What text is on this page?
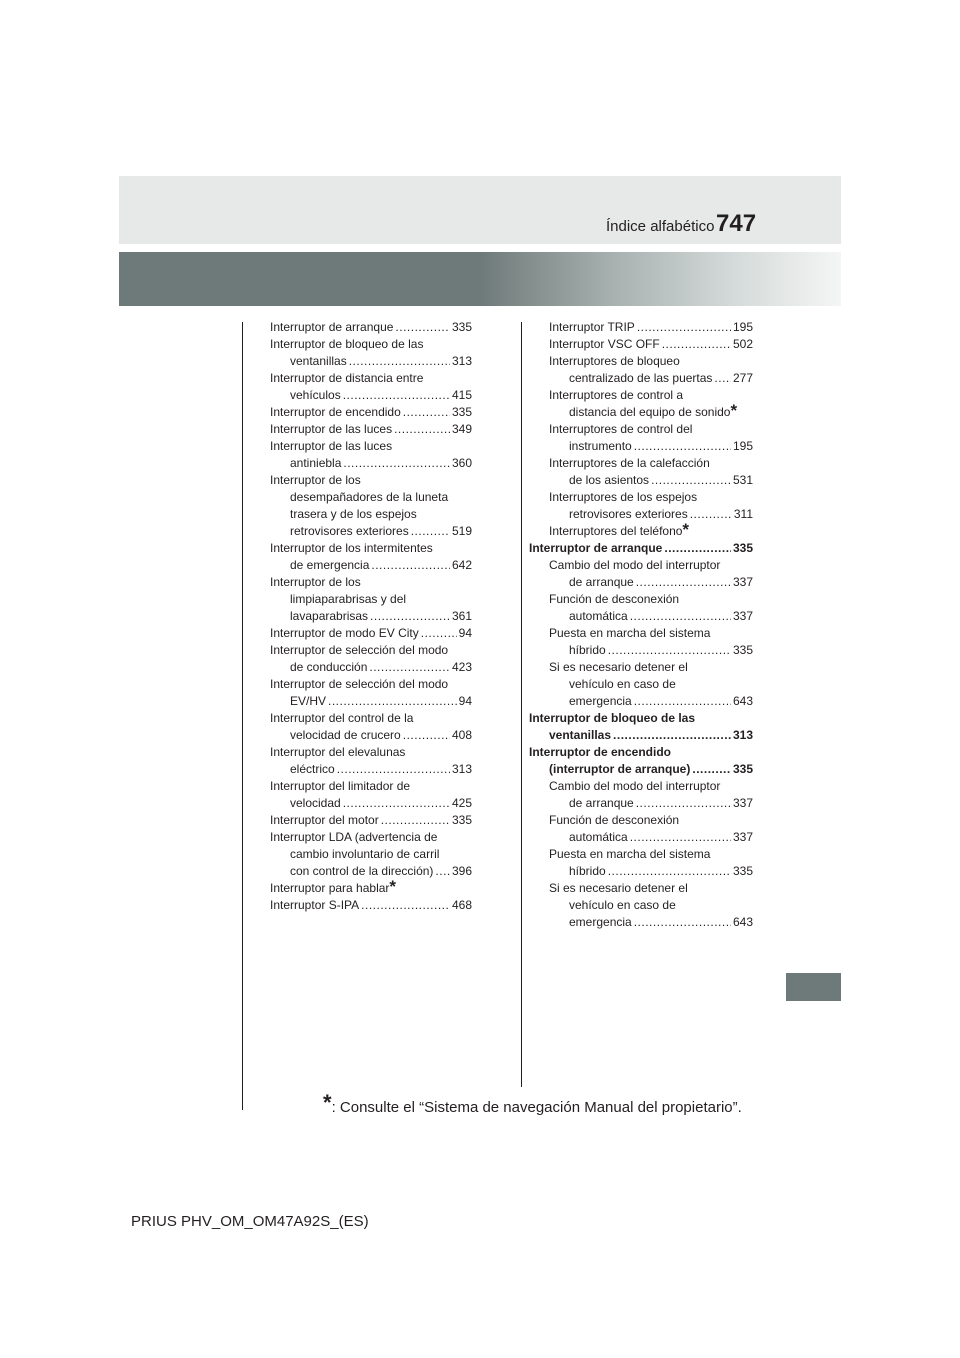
Índice alfabético 747
Interruptor de arranque .....	335
Interruptor de bloqueo de las
ventanillas .....	313
Interruptor de distancia entre
vehículos .....	415
Interruptor de encendido .....	335
Interruptor de las luces .....	349
Interruptor de las luces
antiniebla .....	360
Interruptor de los
desempañadores de la luneta
trasera y de los espejos
retrovisores exteriores .....	519
Interruptor de los intermitentes
de emergencia .....	642
Interruptor de los
limpiaparabrisas y del
lavaparabrisas .....	361
Interruptor de modo EV City .....	94
Interruptor de selección del modo
de conducción .....	423
Interruptor de selección del modo
EV/HV .....	94
Interruptor del control de la
velocidad de crucero .....	408
Interruptor del elevalunas
eléctrico .....	313
Interruptor del limitador de
velocidad .....	425
Interruptor del motor .....	335
Interruptor LDA (advertencia de
cambio involuntario de carril
con control de la dirección) ..... 396
Interruptor para hablar *
Interruptor S-IPA .....	468
Interruptor TRIP .....	195
Interruptor VSC OFF .....	502
Interruptores de bloqueo
centralizado de las puertas ..... 277
Interruptores de control a
distancia del equipo de sonido *
Interruptores de control del
instrumento .....	195
Interruptores de la calefacción
de los asientos .....	531
Interruptores de los espejos
retrovisores exteriores .....	311
Interruptores del teléfono *
Interruptor de arranque .....	335
Cambio del modo del interruptor
de arranque .....	337
Función de desconexión
automática .....	337
Puesta en marcha del sistema
híbrido .....	335
Si es necesario detener el
vehículo en caso de
emergencia .....	643
Interruptor de bloqueo de las
ventanillas .....	313
Interruptor de encendido
(interruptor de arranque) .....	335
Cambio del modo del interruptor
de arranque .....	337
Función de desconexión
automática .....	337
Puesta en marcha del sistema
híbrido .....	335
Si es necesario detener el
vehículo en caso de
emergencia .....	643
*: Consulte el “Sistema de navegación Manual del propietario”.
PRIUS PHV_OM_OM47A92S_(ES)
